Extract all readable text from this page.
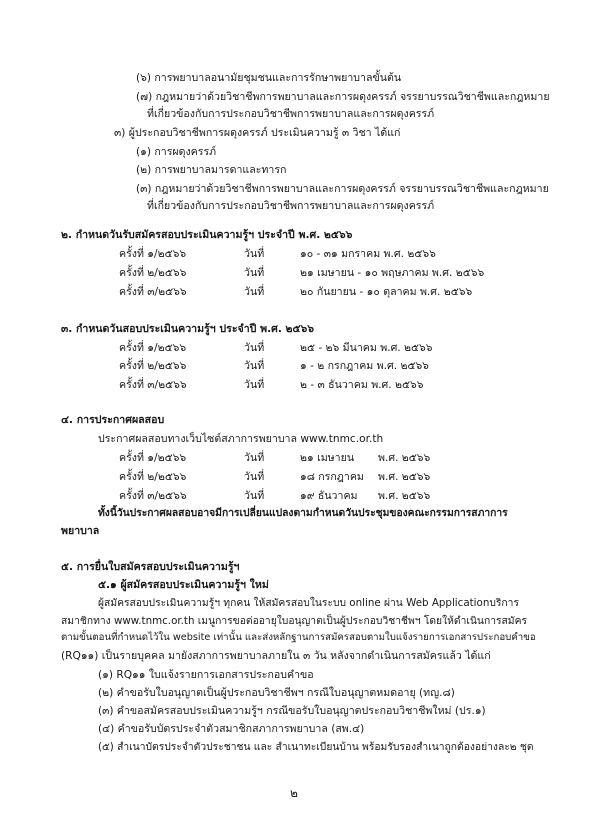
(๖) การพยาบาลอนามัยชุมชนและการรักษาพยาบาลขั้นต้น
(๗) กฎหมายว่าด้วยวิชาชีพการพยาบาลและการผดุงครรภ์ จรรยาบรรณวิชาชีพและกฎหมาย
ที่เกี่ยวข้องกับการประกอบวิชาชีพการพยาบาลและการผดุงครรภ์
๓) ผู้ประกอบวิชาชีพการผดุงครรภ์ ประเมินความรู้ ๓ วิชา ได้แก่
(๑) การผดุงครรภ์
(๒) การพยาบาลมารดาและทารก
(๓) กฎหมายว่าด้วยวิชาชีพการพยาบาลและการผดุงครรภ์ จรรยาบรรณวิชาชีพและกฎหมาย
ที่เกี่ยวข้องกับการประกอบวิชาชีพการพยาบาลและการผดุงครรภ์
๒. กำหนดวันรับสมัครสอบประเมินความรู้ฯ ประจำปี พ.ศ. ๒๕๖๖
ครั้งที่ ๑/๒๕๖๖	วันที่	๑๐ - ๓๑ มกราคม พ.ศ. ๒๕๖๖
ครั้งที่ ๒/๒๕๖๖	วันที่	๒๑ เมษายน - ๑๐ พฤษภาคม พ.ศ. ๒๕๖๖
ครั้งที่ ๓/๒๕๖๖	วันที่	๒๐ กันยายน - ๑๐ ตุลาคม พ.ศ. ๒๕๖๖
๓. กำหนดวันสอบประเมินความรู้ฯ ประจำปี พ.ศ. ๒๕๖๖
ครั้งที่ ๑/๒๕๖๖	วันที่	๒๕ - ๒๖ มีนาคม พ.ศ. ๒๕๖๖
ครั้งที่ ๒/๒๕๖๖	วันที่	๑ - ๒ กรกฎาคม พ.ศ. ๒๕๖๖
ครั้งที่ ๓/๒๕๖๖	วันที่	๒ - ๓ ธันวาคม พ.ศ. ๒๕๖๖
๔. การประกาศผลสอบ
ประกาศผลสอบทางเว็บไซต์สภาการพยาบาล www.tnmc.or.th
ครั้งที่ ๑/๒๕๖๖	วันที่	๒๑ เมษายน พ.ศ. ๒๕๖๖
ครั้งที่ ๒/๒๕๖๖	วันที่	๑๘ กรกฎาคม พ.ศ. ๒๕๖๖
ครั้งที่ ๓/๒๕๖๖	วันที่	๑๙ ธันวาคม พ.ศ. ๒๕๖๖
ทั้งนี้วันประกาศผลสอบอาจมีการเปลี่ยนแปลงตามกำหนดวันประชุมของคณะกรรมการสภาการ
พยาบาล
๕. การยื่นใบสมัครสอบประเมินความรู้ฯ
๕.๑ ผู้สมัครสอบประเมินความรู้ฯ ใหม่
ผู้สมัครสอบประเมินความรู้ฯ ทุกคน ให้สมัครสอบในระบบ online ผ่าน Web Applicationบริการ
สมาชิกทาง www.tnmc.or.th เมนูการขอต่ออายุใบอนุญาตเป็นผู้ประกอบวิชาชีพฯ โดยให้ดำเนินการสมัคร
ตามขั้นตอนที่กำหนดไว้ใน website เท่านั้น และส่งหลักฐานการสมัครสอบตามใบแจ้งรายการเอกสารประกอบคำขอ
(RQ๑๑) เป็นรายบุคคล มายังสภาการพยาบาลภายใน ๓ วัน หลังจากดำเนินการสมัครแล้ว ได้แก่
(๑) RQ๑๑ ใบแจ้งรายการเอกสารประกอบคำขอ
(๒) คำขอรับใบอนุญาตเป็นผู้ประกอบวิชาชีพฯ กรณีใบอนุญาตหมดอายุ (ทญ.๘)
(๓) คำขอสมัครสอบประเมินความรู้ฯ กรณีขอรับใบอนุญาตประกอบวิชาชีพใหม่ (ปร.๑)
(๔) คำขอรับบัตรประจำตัวสมาชิกสภาการพยาบาล (สพ.๔)
(๕) สำเนาบัตรประจำตัวประชาชน และ สำเนาทะเบียนบ้าน พร้อมรับรองสำเนาถูกต้องอย่างละ๒ ชุด
๒
